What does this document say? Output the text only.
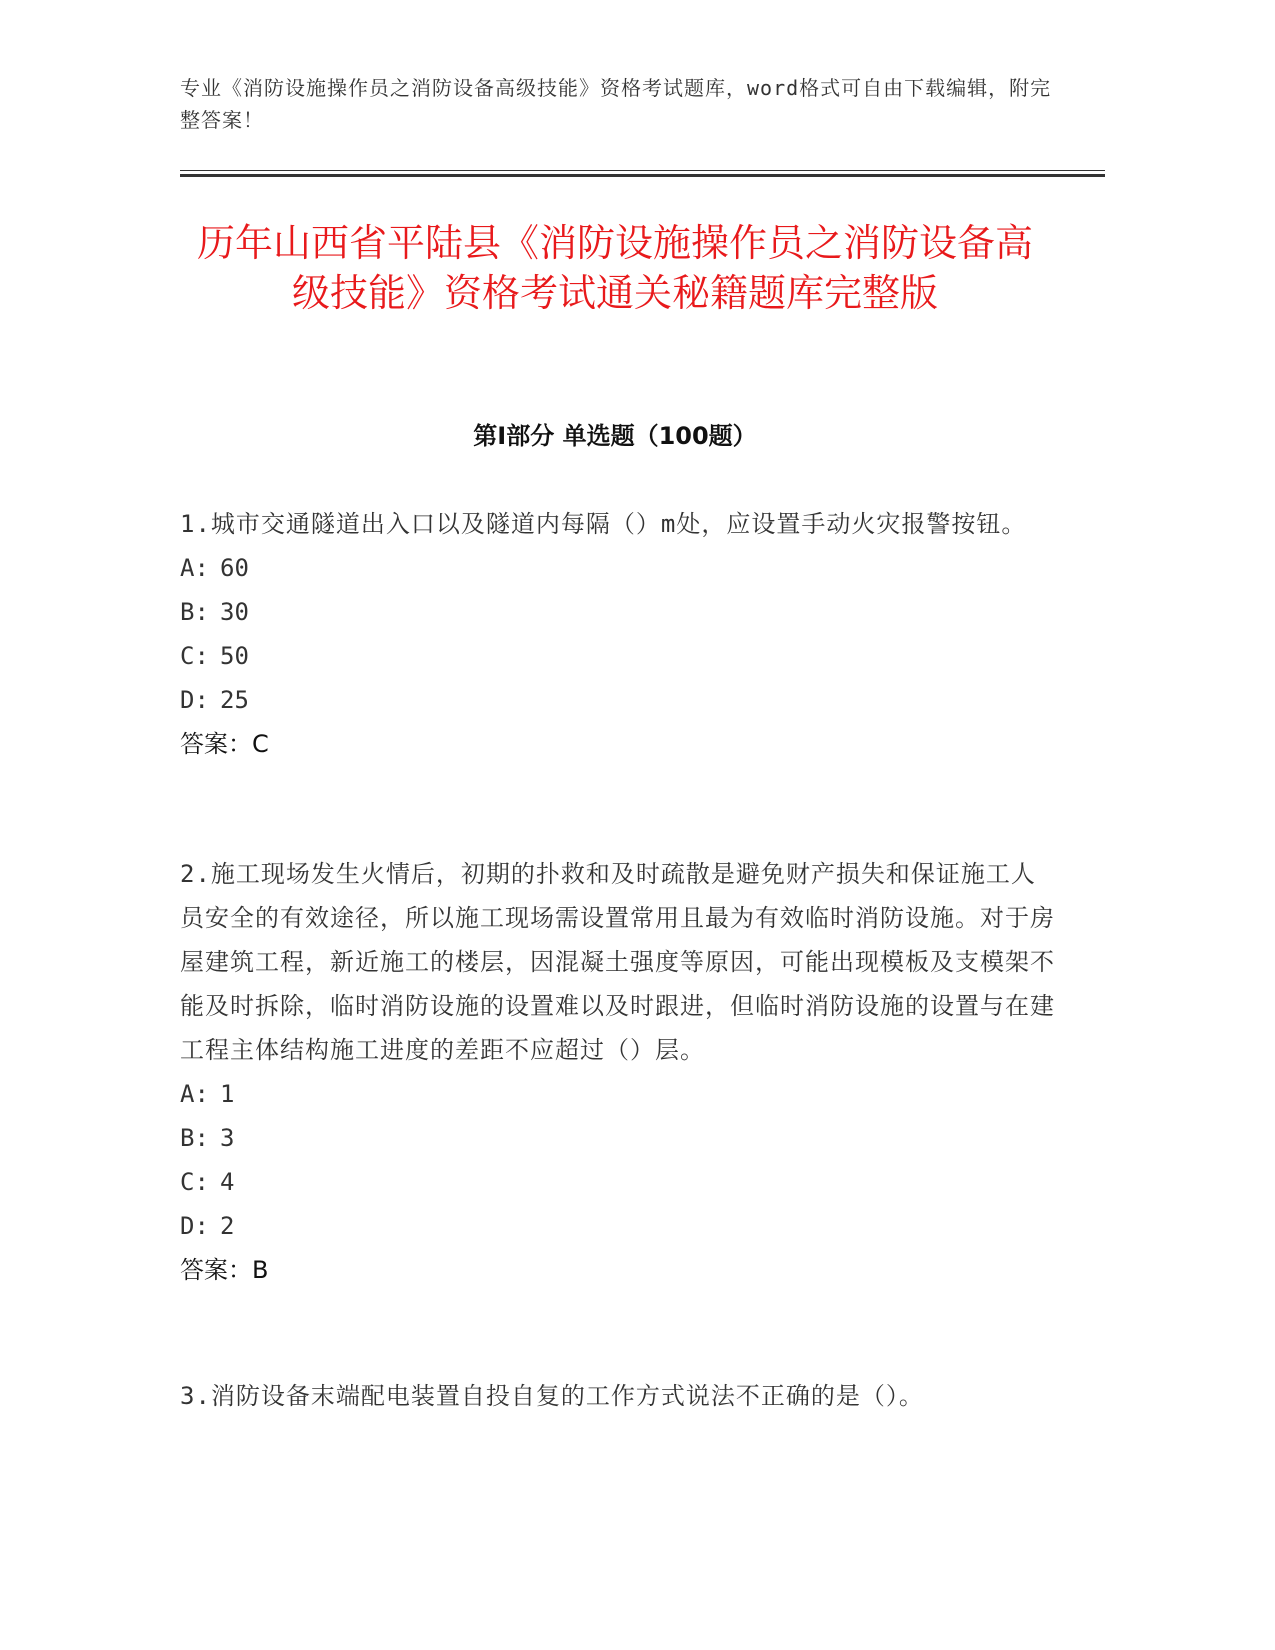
专业《消防设施操作员之消防设备高级技能》资格考试题库，word格式可自由下载编辑，附完整答案！
历年山西省平陆县《消防设施操作员之消防设备高级技能》资格考试通关秘籍题库完整版
第Ⅰ部分 单选题（100题）

1.城市交通隧道出入口以及隧道内每隔（）m处，应设置手动火灾报警按钮。

A: 60

B: 30

C: 50

D: 25

答案：C

2.施工现场发生火情后，初期的扑救和及时疏散是避免财产损失和保证施工人员安全的有效途径，所以施工现场需设置常用且最为有效临时消防设施。对于房屋建筑工程，新近施工的楼层，因混凝土强度等原因，可能出现模板及支模架不能及时拆除，临时消防设施的设置难以及时跟进，但临时消防设施的设置与在建工程主体结构施工进度的差距不应超过（）层。

A: 1

B: 3

C: 4

D: 2

答案：B

3.消防设备末端配电装置自投自复的工作方式说法不正确的是（）。
